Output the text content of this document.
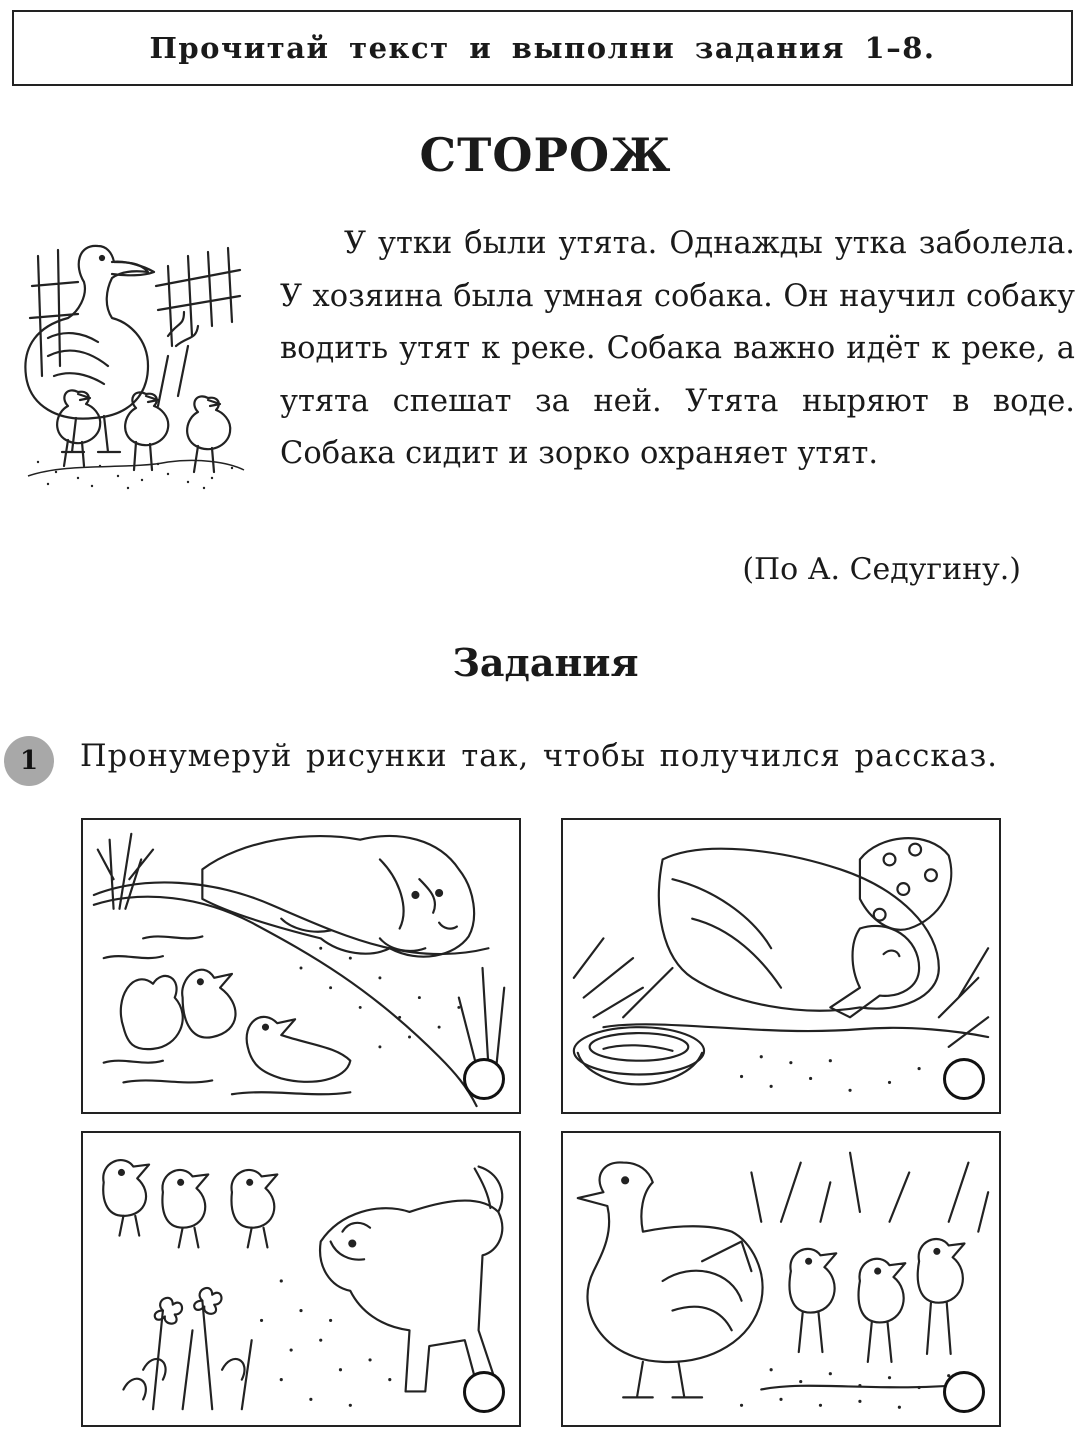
Прочитай текст и выполни задания 1–8.
СТОРОЖ
У утки были утята. Однажды утка заболела. У хозяина была умная собака. Он научил собаку водить утят к реке. Собака важно идёт к реке, а утята спешат за ней. Утята ныряют в воде. Собака сидит и зорко охраняет утят.
(По А. Седугину.)
Задания
1	Пронумеруй рисунки так, чтобы получился рассказ.
